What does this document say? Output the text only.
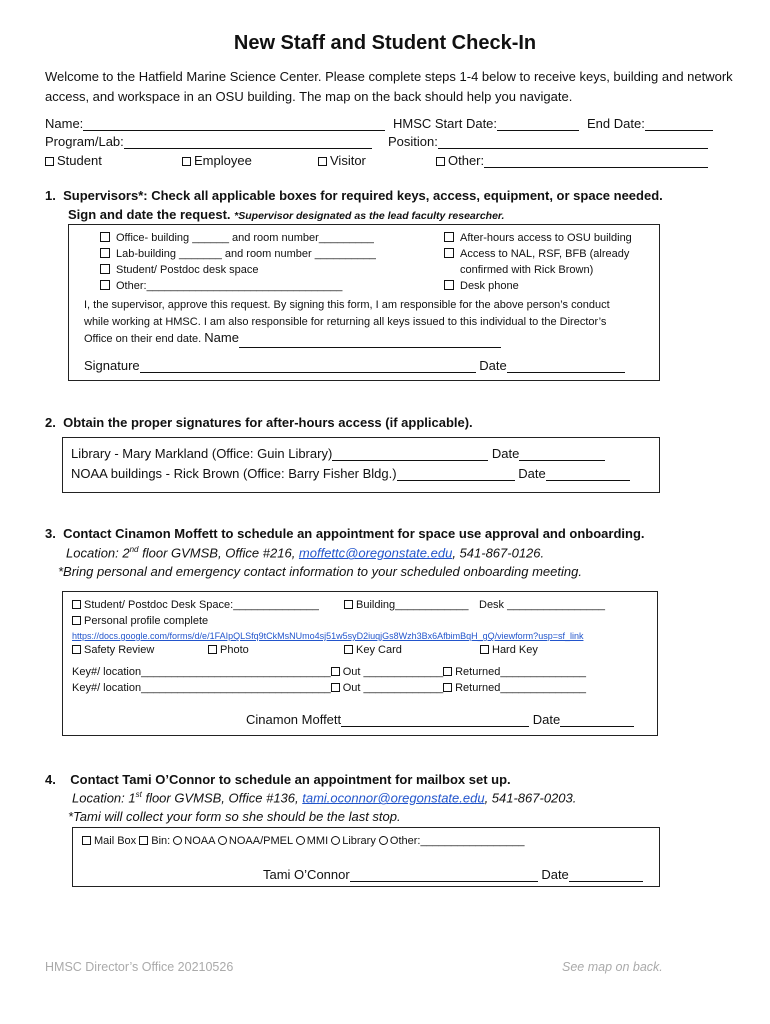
New Staff and Student Check-In
Welcome to the Hatfield Marine Science Center. Please complete steps 1-4 below to receive keys, building and network access, and workspace in an OSU building. The map on the back should help you navigate.
Name:	HMSC Start Date:	End Date:
Program/Lab:	Position:
Student	Employee	Visitor	Other:
1. Supervisors*: Check all applicable boxes for required keys, access, equipment, or space needed.
Sign and date the request. *Supervisor designated as the lead faculty researcher.
Office- building ______ and room number_________
Lab-building _______ and room number __________
Student/ Postdoc desk space
Other:________________________________
After-hours access to OSU building
Access to NAL, RSF, BFB (already
confirmed with Rick Brown)
Desk phone
I, the supervisor, approve this request. By signing this form, I am responsible for the above person’s conduct
while working at HMSC. I am also responsible for returning all keys issued to this individual to the Director’s
Office on their end date. Name
Signature	Date
2. Obtain the proper signatures for after-hours access (if applicable).
Library - Mary Markland (Office: Guin Library)	Date
NOAA buildings - Rick Brown (Office: Barry Fisher Bldg.)	Date
3. Contact Cinamon Moffett to schedule an appointment for space use approval and onboarding.
Location: 2nd floor GVMSB, Office #216, moffettc@oregonstate.edu, 541-867-0126.
*Bring personal and emergency contact information to your scheduled onboarding meeting.
Student/ Postdoc Desk Space:______________	Building____________ Desk ________________
Personal profile complete
https://docs.google.com/forms/d/e/1FAIpQLSfq9tCkMsNUmo4sj51w5syD2iuqjGs8Wzh3Bx6AfbimBqH_gQ/viewform?usp=sf_link
Safety Review	Photo	Key Card	Hard Key
Key#/ location_______________________________ Out _____________ Returned______________
Key#/ location_______________________________ Out _____________ Returned______________
Cinamon Moffett	Date
4. Contact Tami O’Connor to schedule an appointment for mailbox set up.
Location: 1st floor GVMSB, Office #136, tami.oconnor@oregonstate.edu, 541-867-0203.
*Tami will collect your form so she should be the last stop.
Mail Box Bin: NOAA NOAA/PMEL MMI Library Other:_________________
Tami O’Connor	Date
HMSC Director’s Office 20210526	See map on back.
